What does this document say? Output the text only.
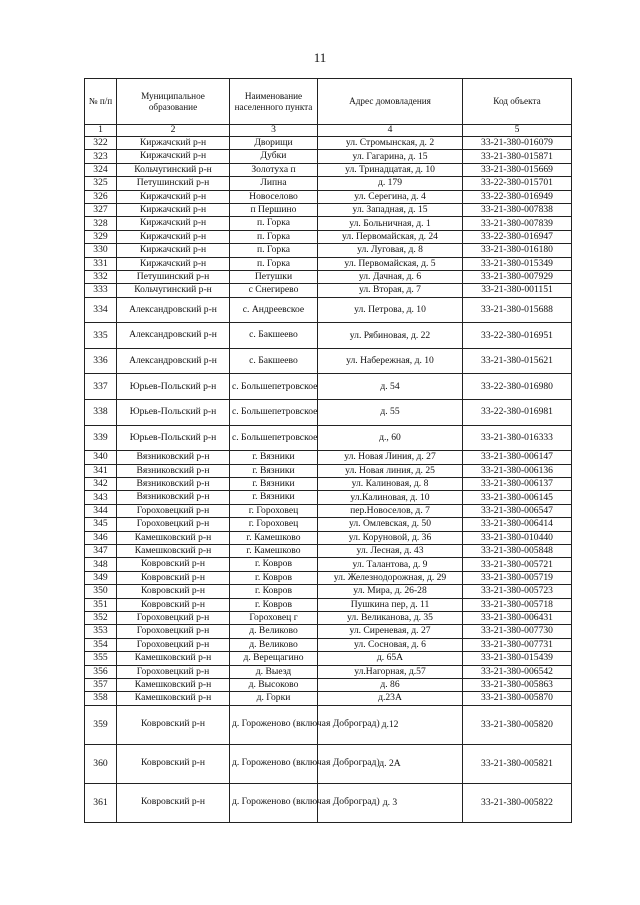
11
№ п/п	Муниципальное образование	Наименование населенного пункта	Адрес домовладения	Код объекта
1	2	3	4	5
322	Киржачский р-н	Дворищи	ул. Стромынская, д. 2	33-21-380-016079
323	Киржачский р-н	Дубки	ул. Гагарина, д. 15	33-21-380-015871
324	Кольчугинский р-н	Золотуха п	ул. Тринадцатая, д. 10	33-21-380-015669
325	Петушинский р-н	Липна	д. 179	33-22-380-015701
326	Киржачский р-н	Новоселово	ул. Серегина, д. 4	33-22-380-016949
327	Киржачский р-н	п Першино	ул. Западная, д. 15	33-21-380-007838
328	Киржачский р-н	п. Горка	ул. Больничная, д. 1	33-21-380-007839
329	Киржачский р-н	п. Горка	ул. Первомайская, д. 24	33-22-380-016947
330	Киржачский р-н	п. Горка	ул. Луговая, д. 8	33-21-380-016180
331	Киржачский р-н	п. Горка	ул. Первомайская, д. 5	33-21-380-015349
332	Петушинский р-н	Петушки	ул. Дачная, д. 6	33-21-380-007929
333	Кольчугинский р-н	с Снегирево	ул. Вторая, д. 7	33-21-380-001151
334	Александровский р-н	с. Андреевское	ул. Петрова, д. 10	33-21-380-015688
335	Александровский р-н	с. Бакшеево	ул. Рябиновая, д. 22	33-22-380-016951
336	Александровский р-н	с. Бакшеево	ул. Набережная, д. 10	33-21-380-015621
337	Юрьев-Польский р-н	с. Большепетровское	д. 54	33-22-380-016980
338	Юрьев-Польский р-н	с. Большепетровское	д. 55	33-22-380-016981
339	Юрьев-Польский р-н	с. Большепетровское	д., 60	33-21-380-016333
340	Вязниковский р-н	г. Вязники	ул. Новая Линия, д. 27	33-21-380-006147
341	Вязниковский р-н	г. Вязники	ул. Новая линия, д. 25	33-21-380-006136
342	Вязниковский р-н	г. Вязники	ул. Калиновая, д. 8	33-21-380-006137
343	Вязниковский р-н	г. Вязники	ул.Калиновая, д. 10	33-21-380-006145
344	Гороховецкий р-н	г. Гороховец	пер.Новоселов, д. 7	33-21-380-006547
345	Гороховецкий р-н	г. Гороховец	ул. Омлевская, д. 50	33-21-380-006414
346	Камешковский р-н	г. Камешково	ул. Коруновой, д. 36	33-21-380-010440
347	Камешковский р-н	г. Камешково	ул. Лесная, д. 43	33-21-380-005848
348	Ковровский р-н	г. Ковров	ул. Талантова, д. 9	33-21-380-005721
349	Ковровский р-н	г. Ковров	ул. Железнодорожная, д. 29	33-21-380-005719
350	Ковровский р-н	г. Ковров	ул. Мира, д. 26-28	33-21-380-005723
351	Ковровский р-н	г. Ковров	Пушкина пер, д. 11	33-21-380-005718
352	Гороховецкий р-н	Гороховец г	ул. Великанова, д. 35	33-21-380-006431
353	Гороховецкий р-н	д. Великово	ул. Сиреневая, д. 27	33-21-380-007730
354	Гороховецкий р-н	д. Великово	ул. Сосновая, д. 6	33-21-380-007731
355	Камешковский р-н	д. Верещагино	д. 65А	33-21-380-015439
356	Гороховецкий р-н	д. Выезд	ул.Нагорная, д.57	33-21-380-006542
357	Камешковский р-н	д. Высоково	д. 86	33-21-380-005863
358	Камешковский р-н	д. Горки	д.23А	33-21-380-005870
359	Ковровский р-н	д. Гороженово (включая Доброград)	д.12	33-21-380-005820
360	Ковровский р-н	д. Гороженово (включая Доброград)	д. 2А	33-21-380-005821
361	Ковровский р-н	д. Гороженово (включая Доброград)	д. 3	33-21-380-005822
